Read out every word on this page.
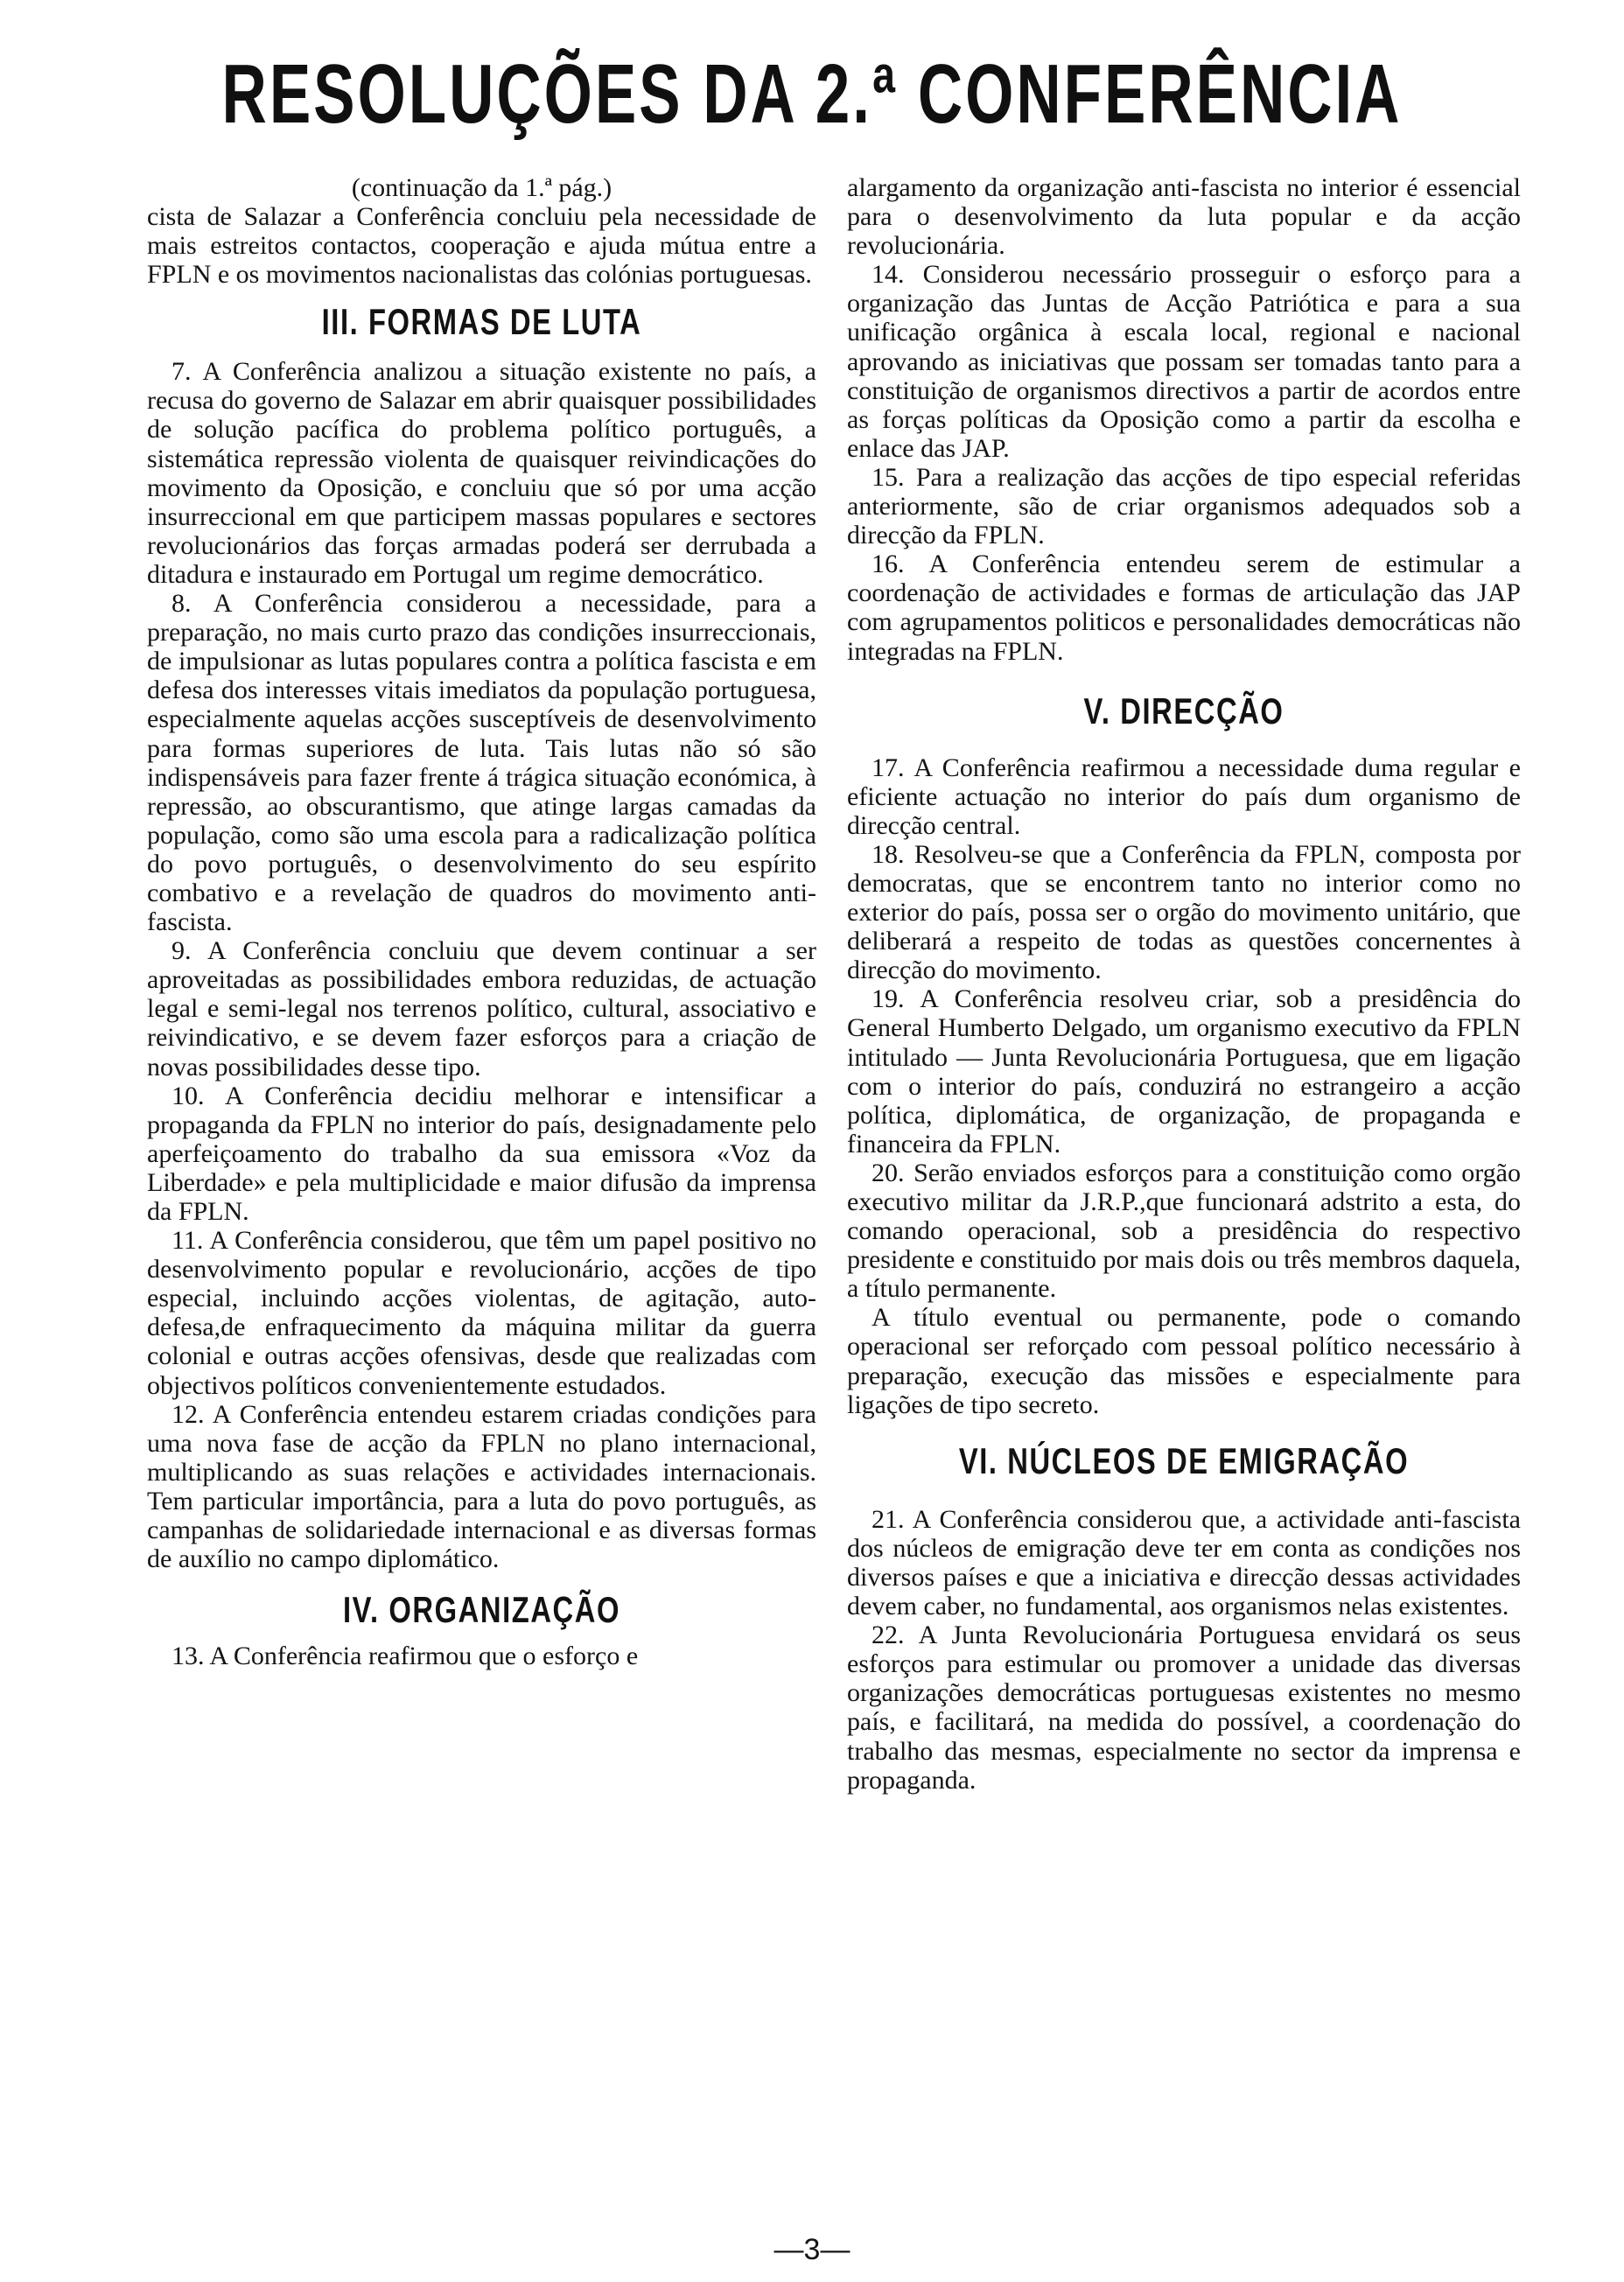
RESOLUÇÕES DA 2.ª CONFERÊNCIA

(continuação da 1.ª pág.)

cista de Salazar a Conferência concluiu pela necessidade de mais estreitos contactos, cooperação e ajuda mútua entre a FPLN e os movimentos nacionalistas das colónias portuguesas.

III. FORMAS DE LUTA

7. A Conferência analizou a situação existente no país, a recusa do governo de Salazar em abrir quaisquer possibilidades de solução pacífica do problema político português, a sistemática repressão violenta de quaisquer reivindicações do movimento da Oposição, e concluiu que só por uma acção insurreccional em que participem massas populares e sectores revolucionários das forças armadas poderá ser derrubada a ditadura e instaurado em Portugal um regime democrático.

8. A Conferência considerou a necessidade, para a preparação, no mais curto prazo das condições insurreccionais, de impulsionar as lutas populares contra a política fascista e em defesa dos interesses vitais imediatos da população portuguesa, especialmente aquelas acções susceptíveis de desenvolvimento para formas superiores de luta. Tais lutas não só são indispensáveis para fazer frente á trágica situação económica, à repressão, ao obscurantismo, que atinge largas camadas da população, como são uma escola para a radicalização política do povo português, o desenvolvimento do seu espírito combativo e a revelação de quadros do movimento anti-fascista.

9. A Conferência concluiu que devem continuar a ser aproveitadas as possibilidades embora reduzidas, de actuação legal e semi-legal nos terrenos político, cultural, associativo e reivindicativo, e se devem fazer esforços para a criação de novas possibilidades desse tipo.

10. A Conferência decidiu melhorar e intensificar a propaganda da FPLN no interior do país, designadamente pelo aperfeiçoamento do trabalho da sua emissora «Voz da Liberdade» e pela multiplicidade e maior difusão da imprensa da FPLN.

11. A Conferência considerou, que têm um papel positivo no desenvolvimento popular e revolucionário, acções de tipo especial, incluindo acções violentas, de agitação, auto-defesa,de enfraquecimento da máquina militar da guerra colonial e outras acções ofensivas, desde que realizadas com objectivos políticos convenientemente estudados.

12. A Conferência entendeu estarem criadas condições para uma nova fase de acção da FPLN no plano internacional, multiplicando as suas relações e actividades internacionais. Tem particular importância, para a luta do povo português, as campanhas de solidariedade internacional e as diversas formas de auxílio no campo diplomático.

IV. ORGANIZAÇÃO

13. A Conferência reafirmou que o esforço e

alargamento da organização anti-fascista no interior é essencial para o desenvolvimento da luta popular e da acção revolucionária.

14. Considerou necessário prosseguir o esforço para a organização das Juntas de Acção Patriótica e para a sua unificação orgânica à escala local, regional e nacional aprovando as iniciativas que possam ser tomadas tanto para a constituição de organismos directivos a partir de acordos entre as forças políticas da Oposição como a partir da escolha e enlace das JAP.

15. Para a realização das acções de tipo especial referidas anteriormente, são de criar organismos adequados sob a direcção da FPLN.

16. A Conferência entendeu serem de estimular a coordenação de actividades e formas de articulação das JAP com agrupamentos politicos e personalidades democráticas não integradas na FPLN.

V. DIRECÇÃO

17. A Conferência reafirmou a necessidade duma regular e eficiente actuação no interior do país dum organismo de direcção central.

18. Resolveu-se que a Conferência da FPLN, composta por democratas, que se encontrem tanto no interior como no exterior do país, possa ser o orgão do movimento unitário, que deliberará a respeito de todas as questões concernentes à direcção do movimento.

19. A Conferência resolveu criar, sob a presidência do General Humberto Delgado, um organismo executivo da FPLN intitulado — Junta Revolucionária Portuguesa, que em ligação com o interior do país, conduzirá no estrangeiro a acção política, diplomática, de organização, de propaganda e financeira da FPLN.

20. Serão enviados esforços para a constituição como orgão executivo militar da J.R.P.,que funcionará adstrito a esta, do comando operacional, sob a presidência do respectivo presidente e constituido por mais dois ou três membros daquela, a título permanente.

A título eventual ou permanente, pode o comando operacional ser reforçado com pessoal político necessário à preparação, execução das missões e especialmente para ligações de tipo secreto.

VI. NÚCLEOS DE EMIGRAÇÃO

21. A Conferência considerou que, a actividade anti-fascista dos núcleos de emigração deve ter em conta as condições nos diversos países e que a iniciativa e direcção dessas actividades devem caber, no fundamental, aos organismos nelas existentes.

22. A Junta Revolucionária Portuguesa envidará os seus esforços para estimular ou promover a unidade das diversas organizações democráticas portuguesas existentes no mesmo país, e facilitará, na medida do possível, a coordenação do trabalho das mesmas, especialmente no sector da imprensa e propaganda.

—3—
